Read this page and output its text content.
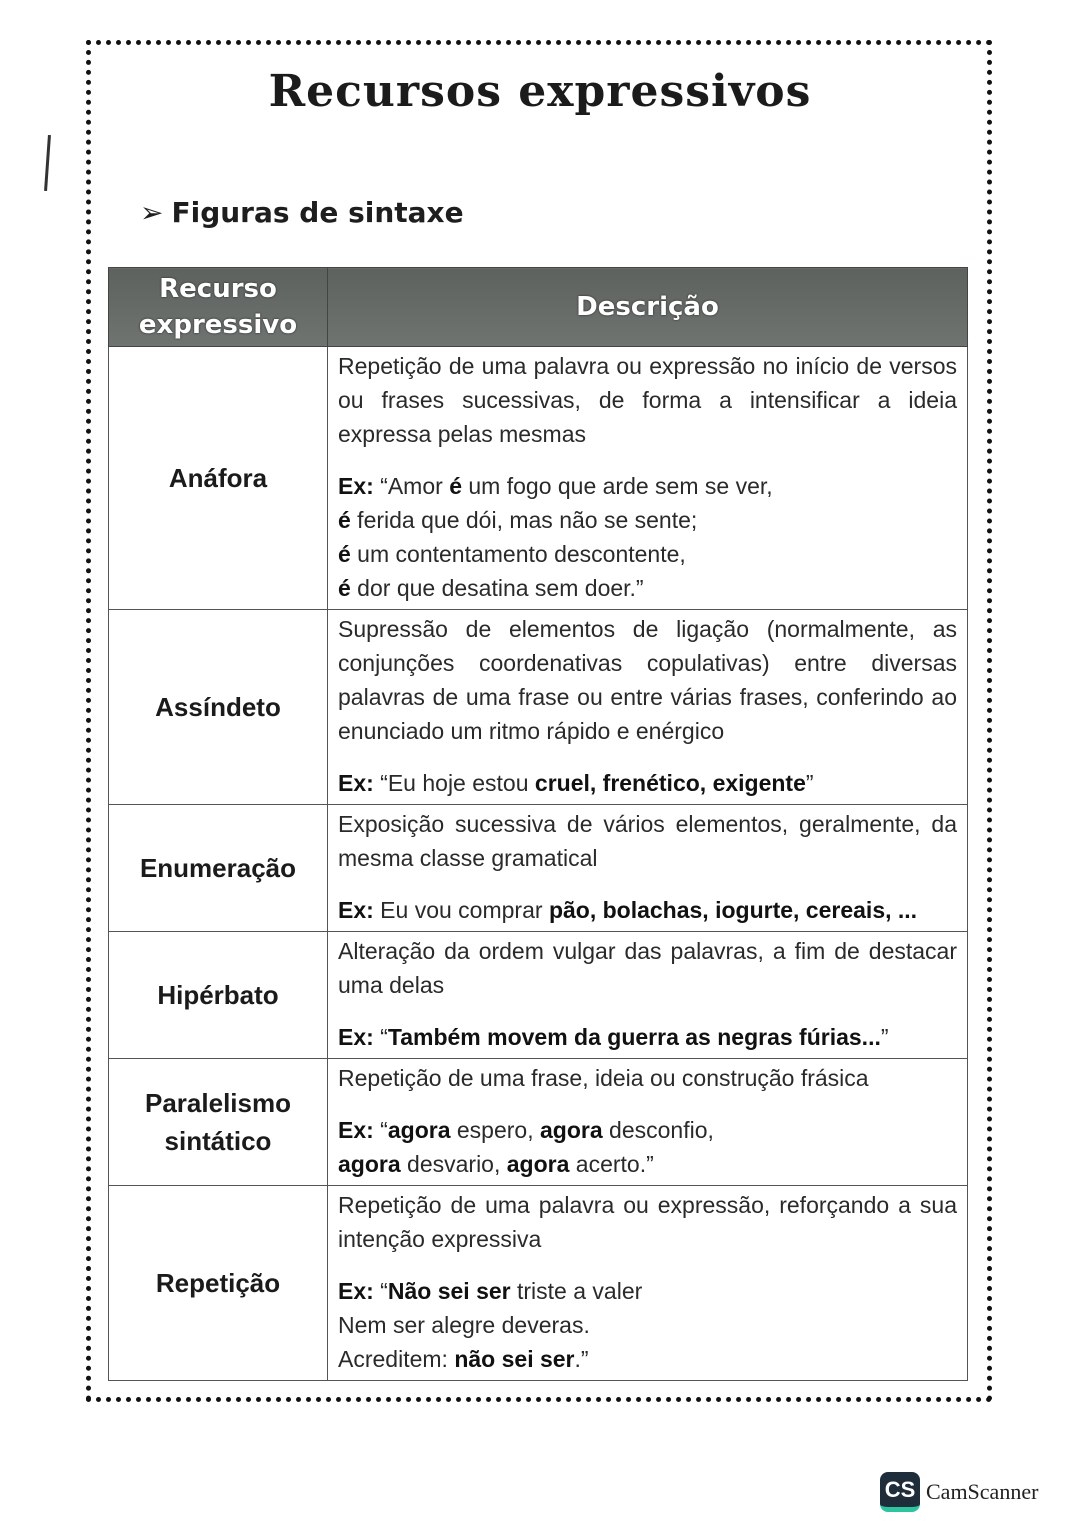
Recursos expressivos
➢ Figuras de sintaxe
Recurso
expressivo	Descrição
Anáfora	Repetição de uma palavra ou expressão no início de versos ou frases sucessivas, de forma a intensificar a ideia expressa pelas mesmas
Ex: “Amor é um fogo que arde sem se ver,
é ferida que dói, mas não se sente;
é um contentamento descontente,
é dor que desatina sem doer.”

Assíndeto	Supressão de elementos de ligação (normalmente, as conjunções coordenativas copulativas) entre diversas palavras de uma frase ou entre várias frases, conferindo ao enunciado um ritmo rápido e enérgico
Ex: “Eu hoje estou cruel, frenético, exigente”

Enumeração	Exposição sucessiva de vários elementos, geralmente, da mesma classe gramatical
Ex: Eu vou comprar pão, bolachas, iogurte, cereais, ...

Hipérbato	Alteração da ordem vulgar das palavras, a fim de destacar uma delas
Ex: “Também movem da guerra as negras fúrias...”

Paralelismo sintático	Repetição de uma frase, ideia ou construção frásica
Ex: “agora espero, agora desconfio,
agora desvario, agora acerto.”

Repetição	Repetição de uma palavra ou expressão, reforçando a sua intenção expressiva
Ex: “Não sei ser triste a valer
Nem ser alegre deveras.
Acreditem: não sei ser.”
CS CamScanner
